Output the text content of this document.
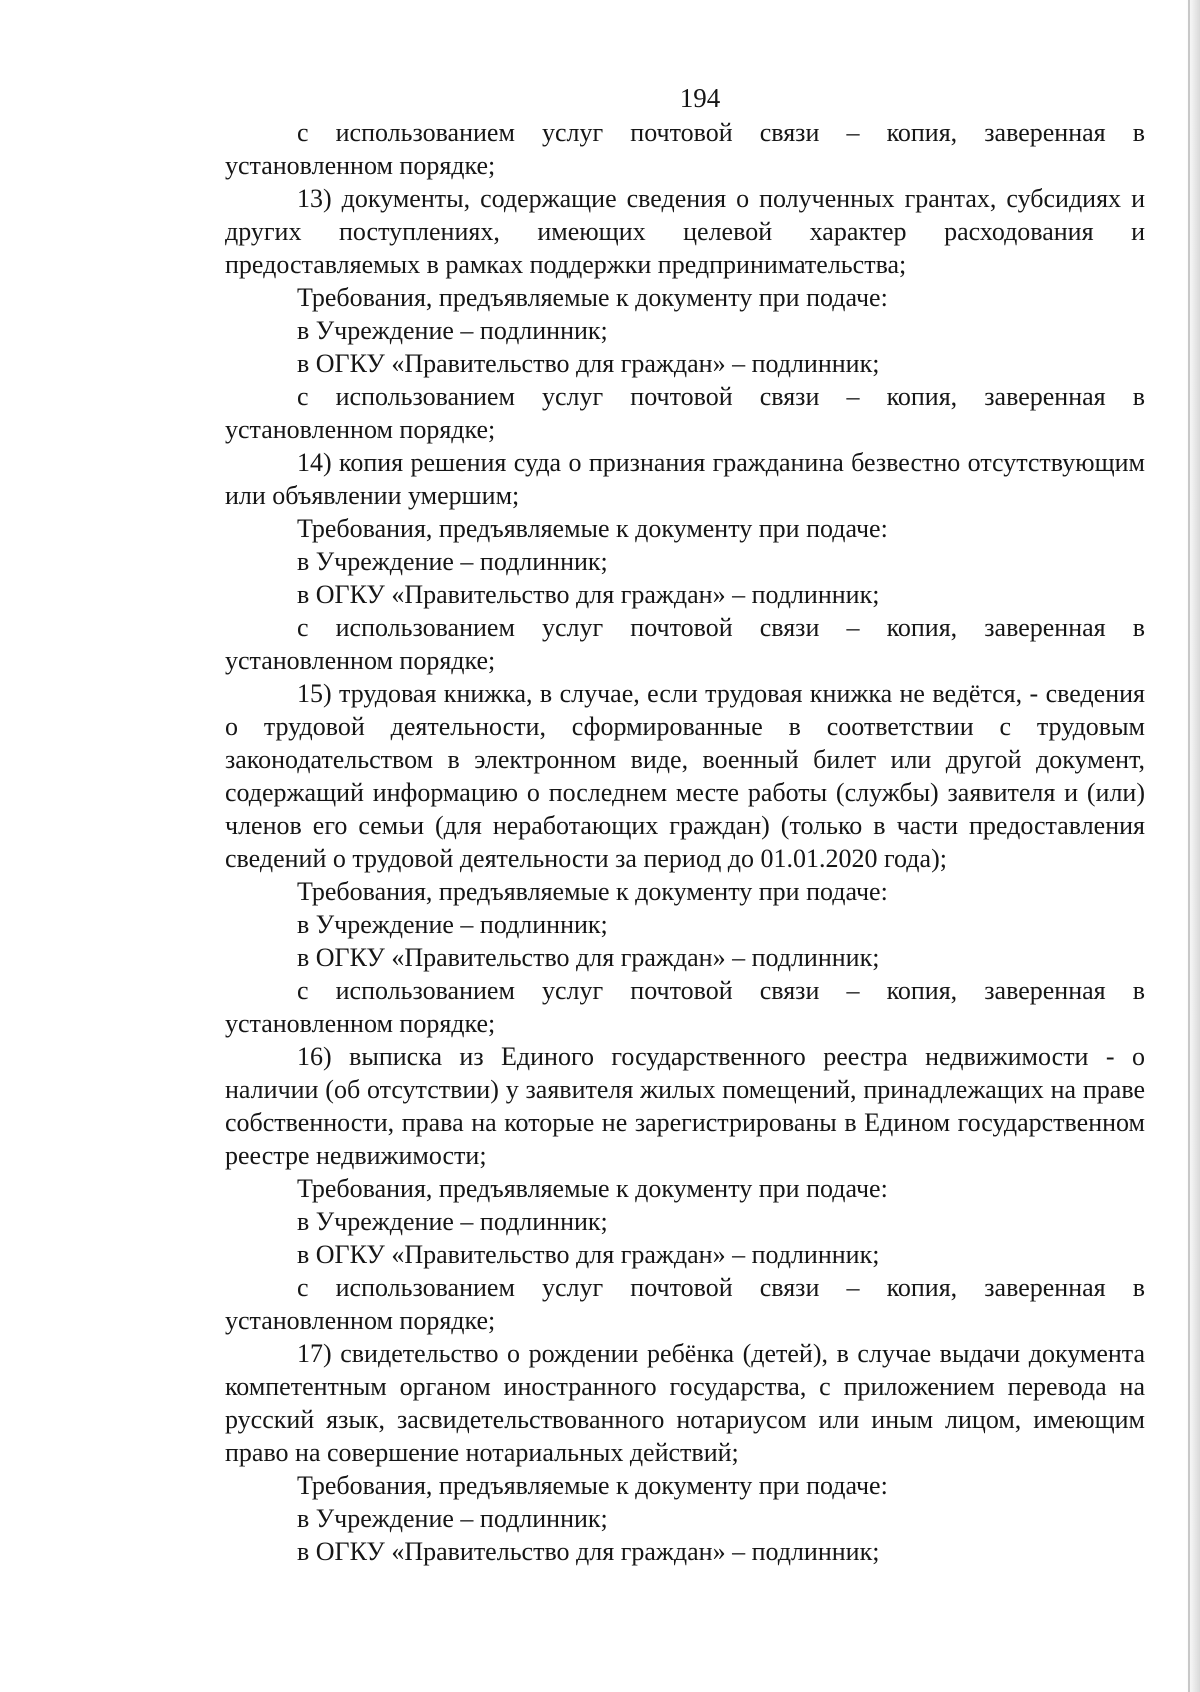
194

с использованием услуг почтовой связи – копия, заверенная в установленном порядке;

13) документы, содержащие сведения о полученных грантах, субсидиях и других поступлениях, имеющих целевой характер расходования и предоставляемых в рамках поддержки предпринимательства;

Требования, предъявляемые к документу при подаче:

в Учреждение – подлинник;

в ОГКУ «Правительство для граждан» – подлинник;

с использованием услуг почтовой связи – копия, заверенная в установленном порядке;

14) копия решения суда о признания гражданина безвестно отсутствующим или объявлении умершим;

Требования, предъявляемые к документу при подаче:

в Учреждение – подлинник;

в ОГКУ «Правительство для граждан» – подлинник;

с использованием услуг почтовой связи – копия, заверенная в установленном порядке;

15) трудовая книжка, в случае, если трудовая книжка не ведётся, - сведения о трудовой деятельности, сформированные в соответствии с трудовым законодательством в электронном виде, военный билет или другой документ, содержащий информацию о последнем месте работы (службы) заявителя и (или) членов его семьи (для неработающих граждан) (только в части предоставления сведений о трудовой деятельности за период до 01.01.2020 года);

Требования, предъявляемые к документу при подаче:

в Учреждение – подлинник;

в ОГКУ «Правительство для граждан» – подлинник;

с использованием услуг почтовой связи – копия, заверенная в установленном порядке;

16) выписка из Единого государственного реестра недвижимости - о наличии (об отсутствии) у заявителя жилых помещений, принадлежащих на праве собственности, права на которые не зарегистрированы в Едином государственном реестре недвижимости;

Требования, предъявляемые к документу при подаче:

в Учреждение – подлинник;

в ОГКУ «Правительство для граждан» – подлинник;

с использованием услуг почтовой связи – копия, заверенная в установленном порядке;

17) свидетельство о рождении ребёнка (детей), в случае выдачи документа компетентным органом иностранного государства, с приложением перевода на русский язык, засвидетельствованного нотариусом или иным лицом, имеющим право на совершение нотариальных действий;

Требования, предъявляемые к документу при подаче:

в Учреждение – подлинник;

в ОГКУ «Правительство для граждан» – подлинник;
